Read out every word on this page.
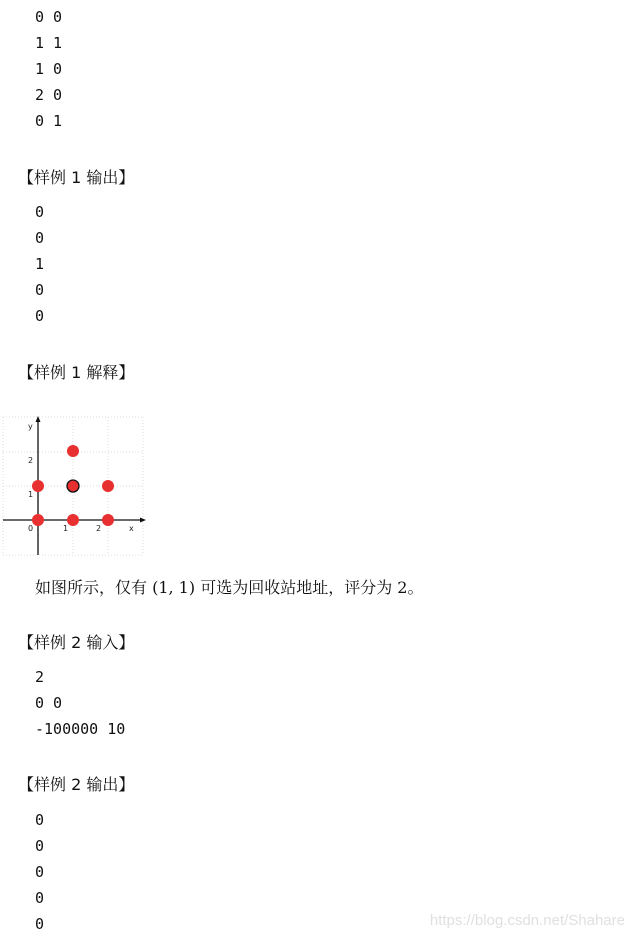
0 0
1 1
1 0
2 0
0 1
【样例 1 输出】
0
0
1
0
0
【样例 1 解释】
y
2
1
0	1	2	x
如图所示，仅有 (1, 1) 可选为回收站地址，评分为 2。
【样例 2 输入】
2
0 0
-100000 10
【样例 2 输出】
0
0
0
0
0	https://blog.csdn.net/Shahare
